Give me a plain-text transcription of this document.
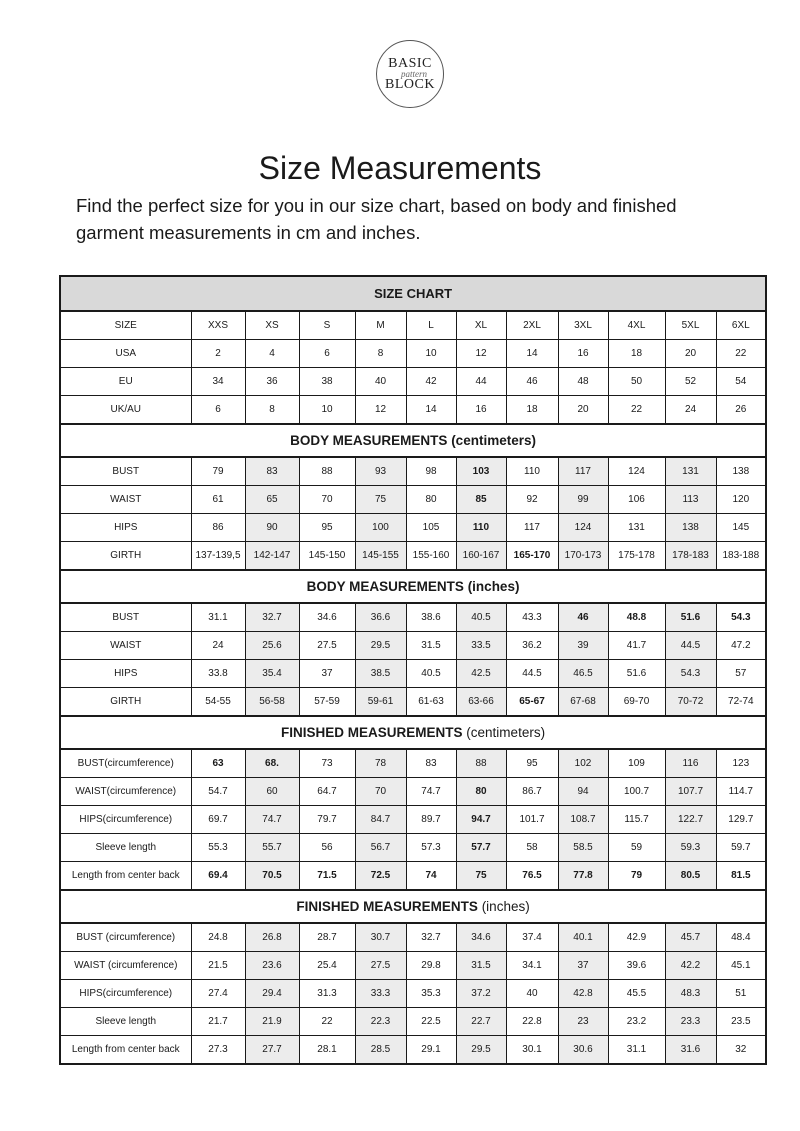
BASIC
pattern
BLOCK
Size Measurements

Find the perfect size for you in our size chart, based on body and finished garment measurements in cm and inches.

SIZE CHART											
SIZE	XXS	XS	S	M	L	XL	2XL	3XL	4XL	5XL	6XL
USA	2	4	6	8	10	12	14	16	18	20	22
EU	34	36	38	40	42	44	46	48	50	52	54
UK/AU	6	8	10	12	14	16	18	20	22	24	26
BODY MEASUREMENTS (centimeters)											
BUST	79	83	88	93	98	103	110	117	124	131	138
WAIST	61	65	70	75	80	85	92	99	106	113	120
HIPS	86	90	95	100	105	110	117	124	131	138	145
GIRTH	137-139,5	142-147	145-150	145-155	155-160	160-167	165-170	170-173	175-178	178-183	183-188
BODY MEASUREMENTS (inches)											
BUST	31.1	32.7	34.6	36.6	38.6	40.5	43.3	46	48.8	51.6	54.3
WAIST	24	25.6	27.5	29.5	31.5	33.5	36.2	39	41.7	44.5	47.2
HIPS	33.8	35.4	37	38.5	40.5	42.5	44.5	46.5	51.6	54.3	57
GIRTH	54-55	56-58	57-59	59-61	61-63	63-66	65-67	67-68	69-70	70-72	72-74
FINISHED MEASUREMENTS (centimeters)											
BUST(circumference)	63	68.	73	78	83	88	95	102	109	116	123
WAIST(circumference)	54.7	60	64.7	70	74.7	80	86.7	94	100.7	107.7	114.7
HIPS(circumference)	69.7	74.7	79.7	84.7	89.7	94.7	101.7	108.7	115.7	122.7	129.7
Sleeve length	55.3	55.7	56	56.7	57.3	57.7	58	58.5	59	59.3	59.7
Length from center back	69.4	70.5	71.5	72.5	74	75	76.5	77.8	79	80.5	81.5
FINISHED MEASUREMENTS (inches)											
BUST (circumference)	24.8	26.8	28.7	30.7	32.7	34.6	37.4	40.1	42.9	45.7	48.4
WAIST (circumference)	21.5	23.6	25.4	27.5	29.8	31.5	34.1	37	39.6	42.2	45.1
HIPS(circumference)	27.4	29.4	31.3	33.3	35.3	37.2	40	42.8	45.5	48.3	51
Sleeve length	21.7	21.9	22	22.3	22.5	22.7	22.8	23	23.2	23.3	23.5
Length from center back	27.3	27.7	28.1	28.5	29.1	29.5	30.1	30.6	31.1	31.6	32
